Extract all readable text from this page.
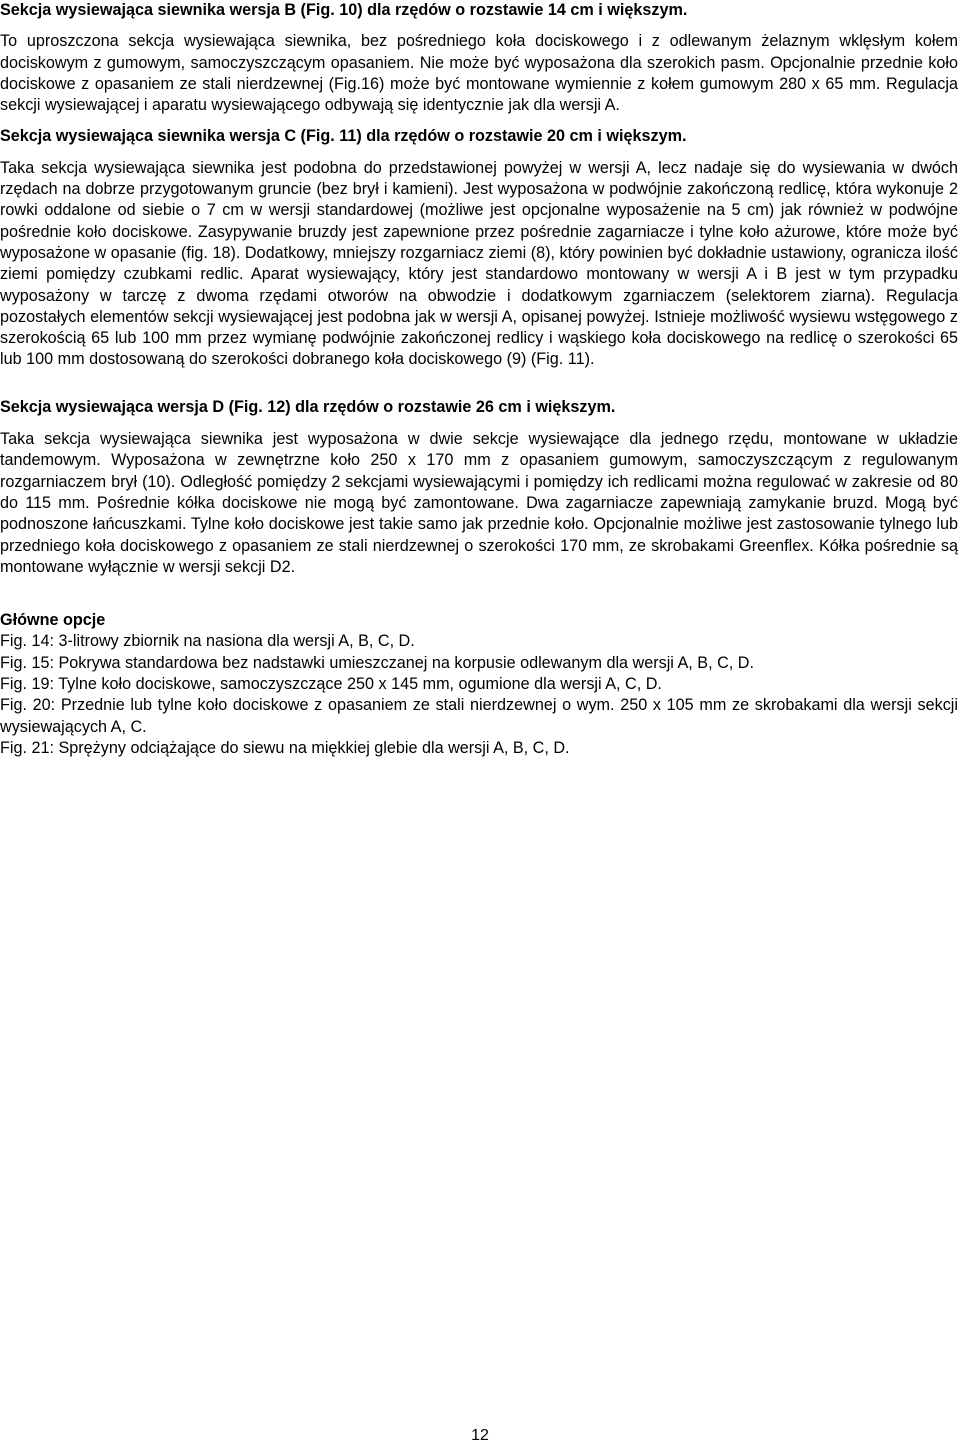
Sekcja wysiewająca siewnika wersja B (Fig. 10) dla rzędów o rozstawie 14 cm i większym.

To uproszczona sekcja wysiewająca siewnika, bez pośredniego koła dociskowego i z odlewanym żelaznym wklęsłym kołem dociskowym z gumowym, samoczyszczącym opasaniem. Nie może być wyposażona dla szerokich pasm. Opcjonalnie przednie koło dociskowe z opasaniem ze stali nierdzewnej (Fig.16) może być montowane wymiennie z kołem gumowym 280 x 65 mm. Regulacja sekcji wysiewającej i aparatu wysiewającego odbywają się identycznie jak dla wersji A.

Sekcja wysiewająca siewnika wersja C (Fig. 11) dla rzędów o rozstawie 20 cm i większym.

Taka sekcja wysiewająca siewnika jest podobna do przedstawionej powyżej w wersji A, lecz nadaje się do wysiewania w dwóch rzędach na dobrze przygotowanym gruncie (bez brył i kamieni). Jest wyposażona w podwójnie zakończoną redlicę, która wykonuje 2 rowki oddalone od siebie o 7 cm w wersji standardowej (możliwe jest opcjonalne wyposażenie na 5 cm) jak również w podwójne pośrednie koło dociskowe. Zasypywanie bruzdy jest zapewnione przez pośrednie zagarniacze i tylne koło ażurowe, które może być wyposażone w opasanie (fig. 18). Dodatkowy, mniejszy rozgarniacz ziemi (8), który powinien być dokładnie ustawiony, ogranicza ilość ziemi pomiędzy czubkami redlic. Aparat wysiewający, który jest standardowo montowany w wersji A i B jest w tym przypadku wyposażony w tarczę z dwoma rzędami otworów na obwodzie i dodatkowym zgarniaczem (selektorem ziarna). Regulacja pozostałych elementów sekcji wysiewającej jest podobna jak w wersji A, opisanej powyżej. Istnieje możliwość wysiewu wstęgowego z szerokością 65 lub 100 mm przez wymianę podwójnie zakończonej redlicy i wąskiego koła dociskowego na redlicę o szerokości 65 lub 100 mm dostosowaną do szerokości dobranego koła dociskowego (9) (Fig. 11).

Sekcja wysiewająca wersja D (Fig. 12) dla rzędów o rozstawie 26 cm i większym.

Taka sekcja wysiewająca siewnika jest wyposażona w dwie sekcje wysiewające dla jednego rzędu, montowane w układzie tandemowym. Wyposażona w zewnętrzne koło 250 x 170 mm z opasaniem gumowym, samoczyszczącym z regulowanym rozgarniaczem brył (10). Odległość pomiędzy 2 sekcjami wysiewającymi i pomiędzy ich redlicami można regulować w zakresie od 80 do 115 mm. Pośrednie kółka dociskowe nie mogą być zamontowane. Dwa zagarniacze zapewniają zamykanie bruzd. Mogą być podnoszone łańcuszkami. Tylne koło dociskowe jest takie samo jak przednie koło. Opcjonalnie możliwe jest zastosowanie tylnego lub przedniego koła dociskowego z opasaniem ze stali nierdzewnej o szerokości 170 mm, ze skrobakami Greenflex. Kółka pośrednie są montowane wyłącznie w wersji sekcji D2.

Główne opcje

Fig. 14: 3-litrowy zbiornik na nasiona dla wersji A, B, C, D.

Fig. 15: Pokrywa standardowa bez nadstawki umieszczanej na korpusie odlewanym dla wersji A, B, C, D.

Fig. 19: Tylne koło dociskowe, samoczyszczące 250 x 145 mm, ogumione dla wersji A, C, D.

Fig. 20: Przednie lub tylne koło dociskowe z opasaniem ze stali nierdzewnej o wym. 250 x 105 mm ze skrobakami dla wersji sekcji wysiewających A, C.

Fig. 21: Sprężyny odciążające do siewu na miękkiej glebie dla wersji A, B, C, D.

12
